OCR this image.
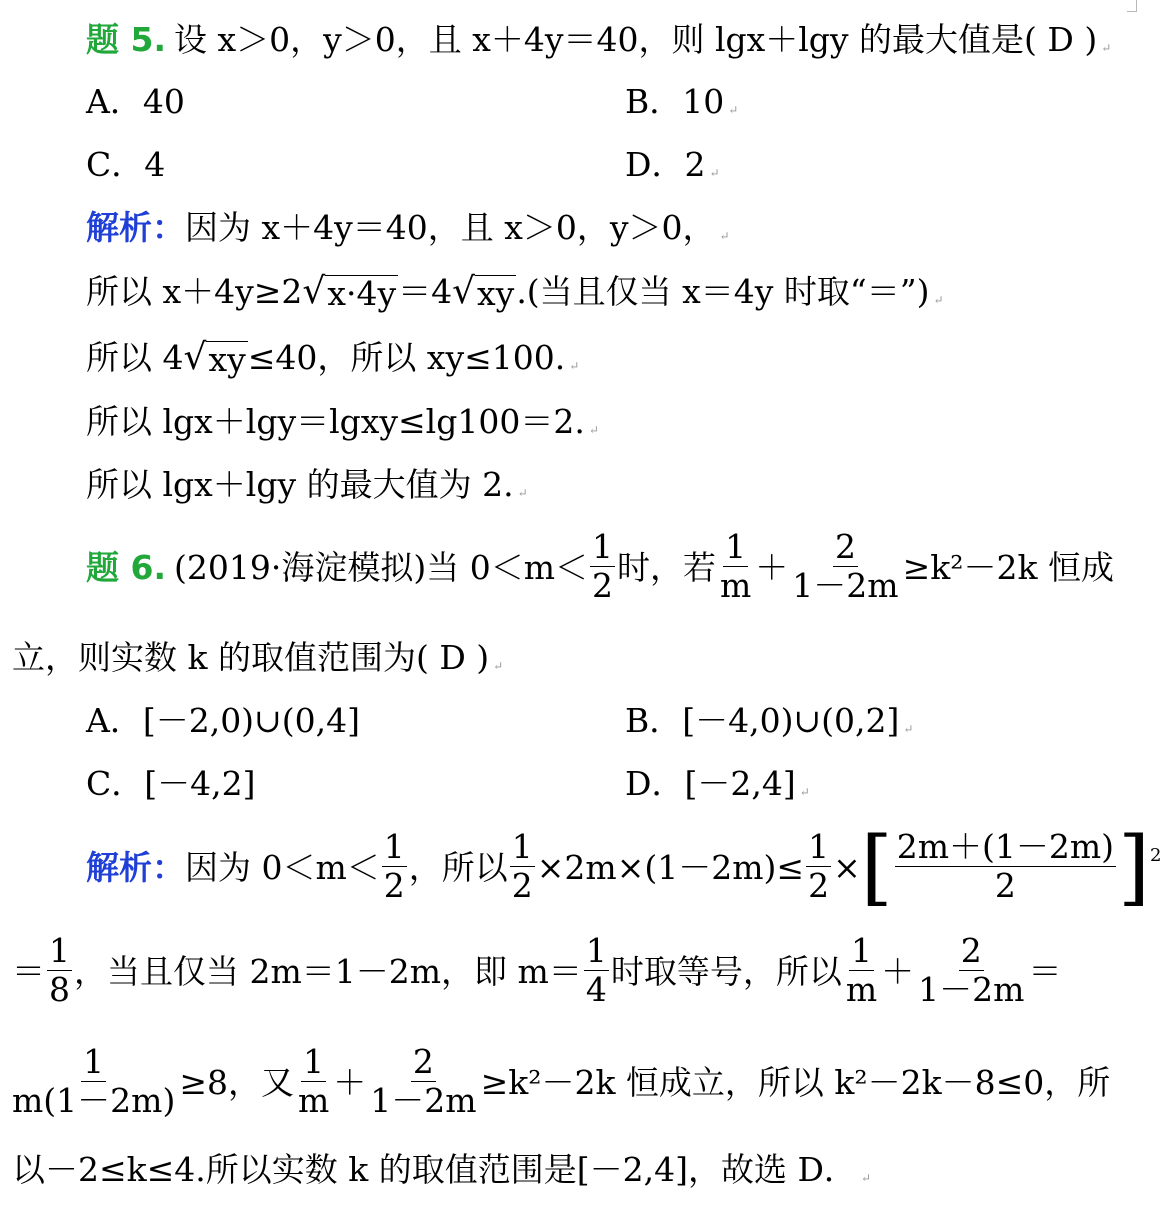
题 5. 设 x＞0，y＞0，且 x＋4y＝40，则 lgx＋lgy 的最大值是( D ) ↵
A．40	B．10 ↵
C．4	D．2 ↵
解析： 因为 x＋4y＝40，且 x＞0，y＞0， ↵
所以 x＋4y≥2 √ x·4y ＝4 √ xy .(当且仅当 x＝4y 时取“＝”) ↵
所以 4 √ xy ≤40，所以 xy≤100. ↵
所以 lgx＋lgy＝lgxy≤lg100＝2. ↵
所以 lgx＋lgy 的最大值为 2. ↵
题 6. (2019·海淀模拟)当 $0<m< \frac{1}{2}$ 时，若 $\frac{1}{m} + \frac{2}{1-2m} \ge k^2-2k$ 恒成
立，则实数 k 的取值范围为( D ) ↵
A．[－2,0)∪(0,4]	B．[－4,0)∪(0,2] ↵
C．[－4,2]	D．[－2,4] ↵
解析： 因为 $0<m< \frac{1}{2}$ ，所以 $\frac{1}{2} \times 2m\times(1-2m)\le \frac{1}{2}$ × [ $\frac{2m+(1-2m)}{2}$ ] 2
＝ $\frac{1}{8}$ ，当且仅当 2m＝1－2m，即 $m= \frac{1}{4}$ 时取等号，所以 $\frac{1}{m} + \frac{2}{1-2m}$ ＝
$\frac{1}{m(1-2m)} \ge 8$，又 $\frac{1}{m} + \frac{2}{1-2m} \ge k^2-2k$ 恒成立，所以 k²－2k－8≤0，所
以－2≤k≤4.所以实数 k 的取值范围是[－2,4]，故选 D． ↵
